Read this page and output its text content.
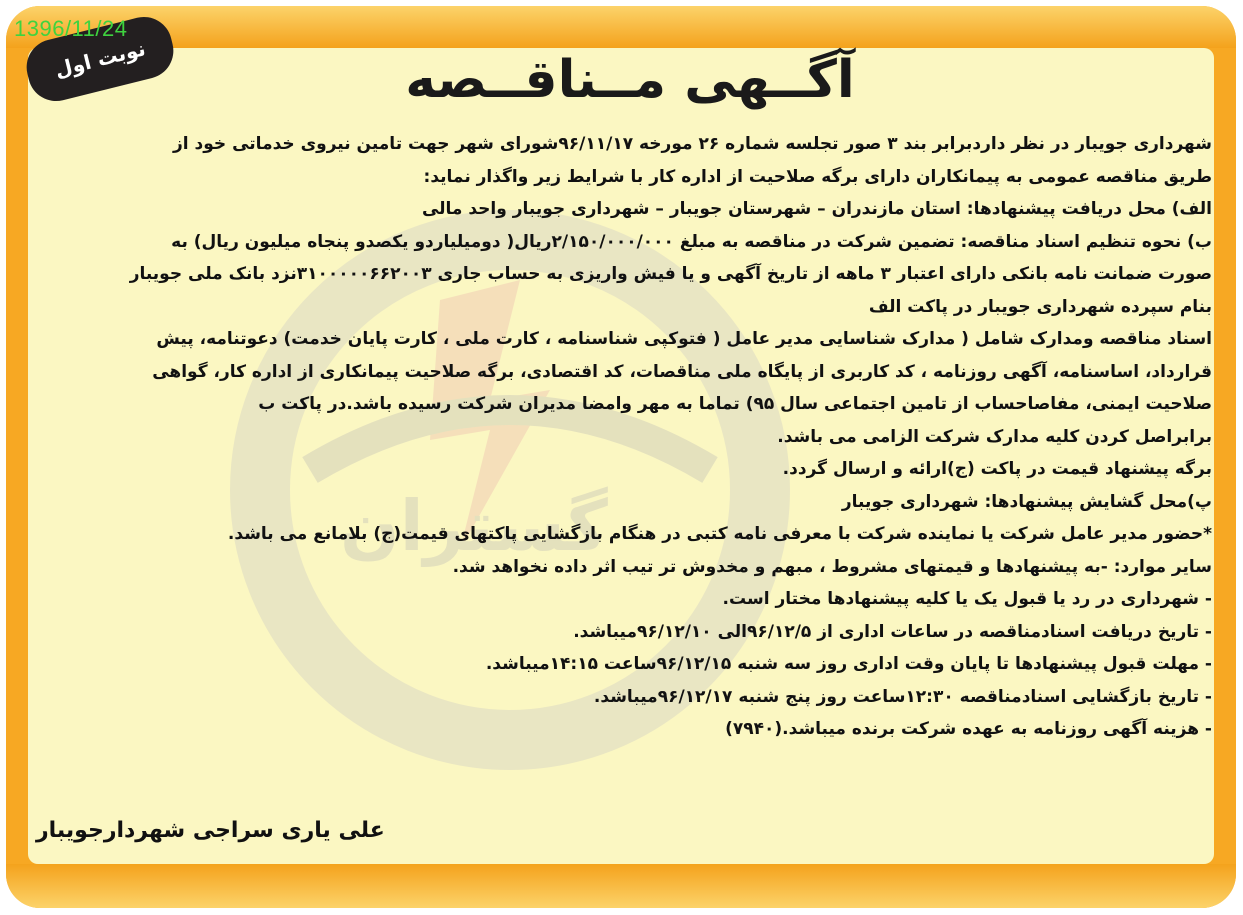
1396/11/24
نوبت اول	آگــهی مــناقــصه
گستران

شهرداری جویبار در نظر داردبرابر بند ۳ صور تجلسه شماره ۲۶ مورخه ۹۶/۱۱/۱۷شورای شهر جهت تامین نیروی خدماتی خود از

طریق مناقصه عمومی به پیمانکاران دارای برگه صلاحیت از اداره کار با شرایط زیر واگذار نماید:

الف) محل دریافت پیشنهادها: استان مازندران – شهرستان جویبار – شهرداری جویبار واحد مالی

ب) نحوه تنظیم اسناد مناقصه: تضمین شرکت در مناقصه به مبلغ ۲/۱۵۰/۰۰۰/۰۰۰ریال( دومیلیاردو یکصدو پنجاه میلیون ریال) به

صورت ضمانت نامه بانکی دارای اعتبار ۳ ماهه از تاریخ آگهی و یا فیش واریزی به حساب جاری ۳۱۰۰۰۰۰۶۶۲۰۰۳نزد بانک ملی جویبار

بنام سپرده شهرداری جویبار در پاکت الف

اسناد مناقصه ومدارک شامل ( مدارک شناسایی مدیر عامل ( فتوکپی شناسنامه ، کارت ملی ، کارت پایان خدمت) دعوتنامه، پیش

قرارداد، اساسنامه، آگهی روزنامه ، کد کاربری از پایگاه ملی مناقصات، کد اقتصادی، برگه صلاحیت پیمانکاری از اداره کار، گواهی

صلاحیت ایمنی، مفاصاحساب از تامین اجتماعی سال ۹۵) تماما به مهر وامضا مدیران شرکت رسیده باشد.در پاکت ب

برابراصل کردن کلیه مدارک شرکت الزامی می باشد.

برگه پیشنهاد قیمت در پاکت (ج)ارائه و ارسال گردد.

پ)محل گشایش پیشنهادها: شهرداری جویبار

*حضور مدیر عامل شرکت یا نماینده شرکت با معرفی نامه کتبی در هنگام بازگشایی پاکتهای قیمت(ج) بلامانع می باشد.

سایر موارد: -به پیشنهادها و قیمتهای مشروط ، مبهم و مخدوش تر تیب اثر داده نخواهد شد.

- شهرداری در رد یا قبول یک یا کلیه پیشنهادها مختار است.

- تاریخ دریافت اسنادمناقصه در ساعات اداری از ۹۶/۱۲/۵الی ۹۶/۱۲/۱۰میباشد.

- مهلت قبول پیشنهادها تا پایان وقت اداری روز سه شنبه ۹۶/۱۲/۱۵ساعت ۱۴:۱۵میباشد.

- تاریخ بازگشایی اسنادمناقصه ۱۲:۳۰ساعت روز پنج شنبه ۹۶/۱۲/۱۷میباشد.

- هزینه آگهی روزنامه به عهده شرکت برنده میباشد.(۷۹۴۰)

علی یاری سراجی شهردارجویبار
